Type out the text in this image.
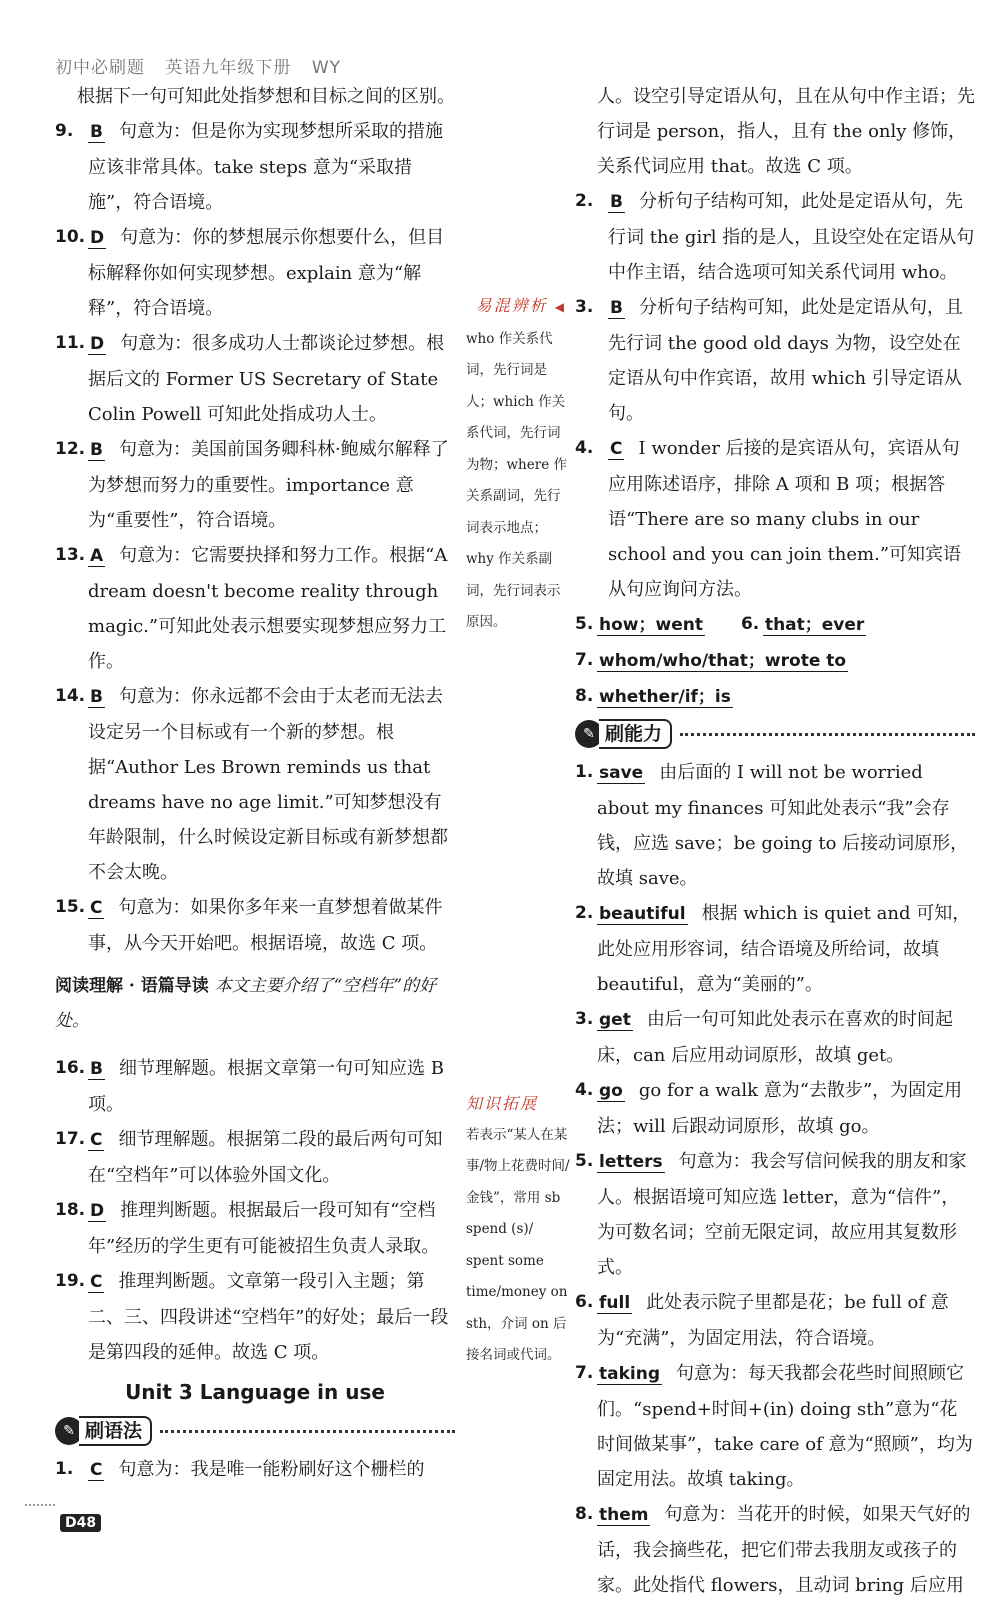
初中必刷题 英语九年级下册 WY

根据下一句可知此处指梦想和目标之间的区别。

9. B 句意为：但是你为实现梦想所采取的措施应该非常具体。take steps 意为“采取措施”，符合语境。

10. D 句意为：你的梦想展示你想要什么，但目标解释你如何实现梦想。explain 意为“解释”，符合语境。

11. D 句意为：很多成功人士都谈论过梦想。根据后文的 Former US Secretary of State Colin Powell 可知此处指成功人士。

12. B 句意为：美国前国务卿科林·鲍威尔解释了为梦想而努力的重要性。importance 意为“重要性”，符合语境。

13. A 句意为：它需要抉择和努力工作。根据“A dream doesn't become reality through magic.”可知此处表示想要实现梦想应努力工作。

14. B 句意为：你永远都不会由于太老而无法去设定另一个目标或有一个新的梦想。根据“Author Les Brown reminds us that dreams have no age limit.”可知梦想没有年龄限制，什么时候设定新目标或有新梦想都不会太晚。

15. C 句意为：如果你多年来一直梦想着做某件事，从今天开始吧。根据语境，故选 C 项。

阅读理解 · 语篇导读 本文主要介绍了“空档年”的好处。

16. B 细节理解题。根据文章第一句可知应选 B 项。

17. C 细节理解题。根据第二段的最后两句可知在“空档年”可以体验外国文化。

18. D 推理判断题。根据最后一段可知有“空档年”经历的学生更有可能被招生负责人录取。

19. C 推理判断题。文章第一段引入主题；第二、三、四段讲述“空档年”的好处；最后一段是第四段的延伸。故选 C 项。

Unit 3 Language in use
✎ 刷语法

1. C 句意为：我是唯一能粉刷好这个栅栏的

易混辨析 ◀
who 作关系代词，先行词是人；which 作关系代词，先行词为物；where 作关系副词，先行词表示地点；why 作关系副词，先行词表示原因。
知识拓展
若表示“某人在某事/物上花费时间/金钱”，常用 sb spend (s)/ spent some time/money on sth，介词 on 后接名词或代词。

人。设空引导定语从句，且在从句中作主语；先行词是 person，指人，且有 the only 修饰，关系代词应用 that。故选 C 项。

2. B 分析句子结构可知，此处是定语从句，先行词 the girl 指的是人，且设空处在定语从句中作主语，结合选项可知关系代词用 who。

3. B 分析句子结构可知，此处是定语从句，且先行词 the good old days 为物，设空处在定语从句中作宾语，故用 which 引导定语从句。

4. C I wonder 后接的是宾语从句，宾语从句应用陈述语序，排除 A 项和 B 项；根据答语“There are so many clubs in our school and you can join them.”可知宾语从句应询问方法。

5. how；went	6. that；ever

7. whom/who/that；wrote to

8. whether/if；is

✎ 刷能力

1. save 由后面的 I will not be worried about my finances 可知此处表示“我”会存钱，应选 save；be going to 后接动词原形，故填 save。

2. beautiful 根据 which is quiet and 可知，此处应用形容词，结合语境及所给词，故填 beautiful，意为“美丽的”。

3. get 由后一句可知此处表示在喜欢的时间起床，can 后应用动词原形，故填 get。

4. go go for a walk 意为“去散步”，为固定用法；will 后跟动词原形，故填 go。

5. letters 句意为：我会写信问候我的朋友和家人。根据语境可知应选 letter，意为“信件”，为可数名词；空前无限定词，故应用其复数形式。

6. full 此处表示院子里都是花；be full of 意为“充满”，为固定用法，符合语境。

7. taking 句意为：每天我都会花些时间照顾它们。“spend+时间+(in) doing sth”意为“花时间做某事”，take care of 意为“照顾”，均为固定用法。故填 taking。

8. them 句意为：当花开的时候，如果天气好的话，我会摘些花，把它们带去我朋友或孩子的家。此处指代 flowers，且动词 bring 后应用

D48
